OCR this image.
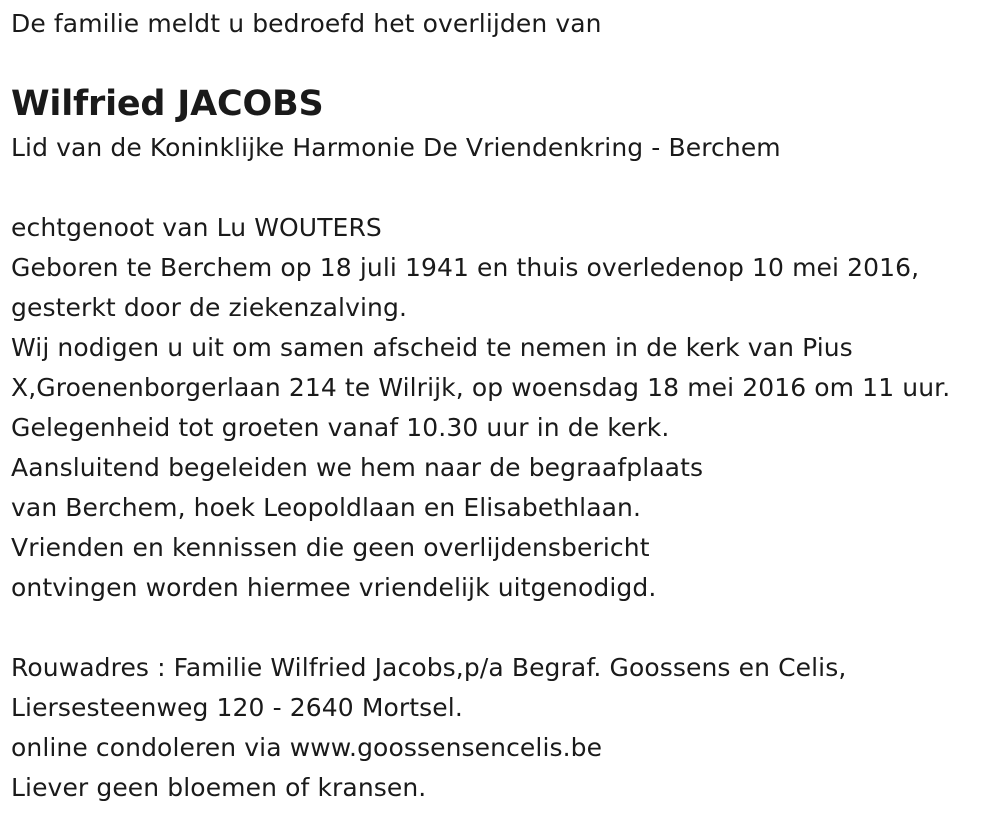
De familie meldt u bedroefd het overlijden van
Wilfried JACOBS
Lid van de Koninklijke Harmonie De Vriendenkring - Berchem
echtgenoot van Lu WOUTERS
Geboren te Berchem op 18 juli 1941 en thuis overledenop 10 mei 2016,
gesterkt door de ziekenzalving.
Wij nodigen u uit om samen afscheid te nemen in de kerk van Pius
X,Groenenborgerlaan 214 te Wilrijk, op woensdag 18 mei 2016 om 11 uur.
Gelegenheid tot groeten vanaf 10.30 uur in de kerk.
Aansluitend begeleiden we hem naar de begraafplaats
van Berchem, hoek Leopoldlaan en Elisabethlaan.
Vrienden en kennissen die geen overlijdensbericht
ontvingen worden hiermee vriendelijk uitgenodigd.
Rouwadres : Familie Wilfried Jacobs,p/a Begraf. Goossens en Celis,
Liersesteenweg 120 - 2640 Mortsel.
online condoleren via www.goossensencelis.be
Liever geen bloemen of kransen.
